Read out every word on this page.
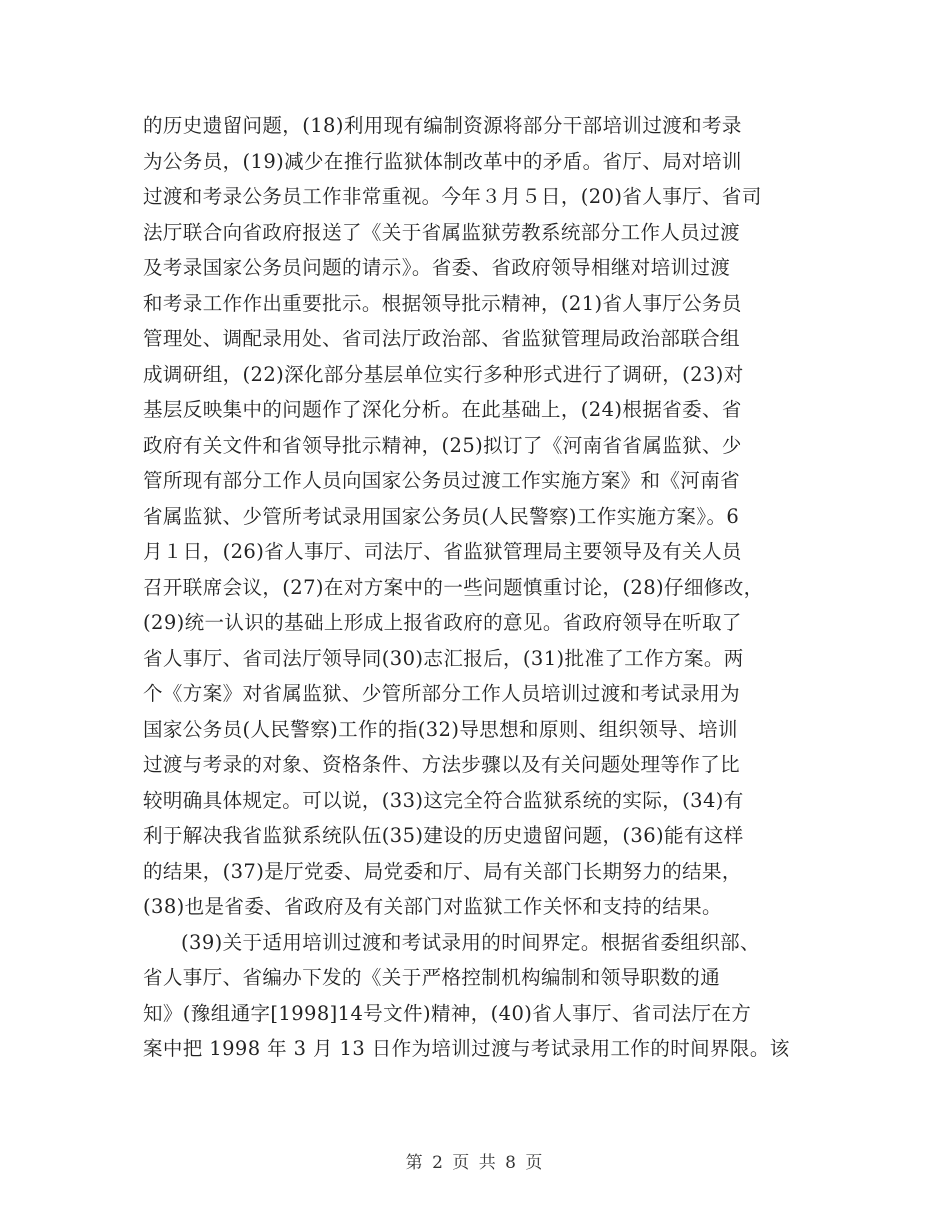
的历史遗留问题，(18)利用现有编制资源将部分干部培训过渡和考录
为公务员，(19)减少在推行监狱体制改革中的矛盾。省厅、局对培训
过渡和考录公务员工作非常重视。今年３月５日，(20)省人事厅、省司
法厅联合向省政府报送了《关于省属监狱劳教系统部分工作人员过渡
及考录国家公务员问题的请示》。省委、省政府领导相继对培训过渡
和考录工作作出重要批示。根据领导批示精神，(21)省人事厅公务员
管理处、调配录用处、省司法厅政治部、省监狱管理局政治部联合组
成调研组，(22)深化部分基层单位实行多种形式进行了调研，(23)对
基层反映集中的问题作了深化分析。在此基础上，(24)根据省委、省
政府有关文件和省领导批示精神，(25)拟订了《河南省省属监狱、少
管所现有部分工作人员向国家公务员过渡工作实施方案》和《河南省
省属监狱、少管所考试录用国家公务员(人民警察)工作实施方案》。6
月１日，(26)省人事厅、司法厅、省监狱管理局主要领导及有关人员
召开联席会议，(27)在对方案中的一些问题慎重讨论，(28)仔细修改，
(29)统一认识的基础上形成上报省政府的意见。省政府领导在听取了
省人事厅、省司法厅领导同(30)志汇报后，(31)批准了工作方案。两
个《方案》对省属监狱、少管所部分工作人员培训过渡和考试录用为
国家公务员(人民警察)工作的指(32)导思想和原则、组织领导、培训
过渡与考录的对象、资格条件、方法步骤以及有关问题处理等作了比
较明确具体规定。可以说，(33)这完全符合监狱系统的实际，(34)有
利于解决我省监狱系统队伍(35)建设的历史遗留问题，(36)能有这样
的结果，(37)是厅党委、局党委和厅、局有关部门长期努力的结果，
(38)也是省委、省政府及有关部门对监狱工作关怀和支持的结果。
(39)关于适用培训过渡和考试录用的时间界定。根据省委组织部、
省人事厅、省编办下发的《关于严格控制机构编制和领导职数的通
知》(豫组通字[1998]14号文件)精神，(40)省人事厅、省司法厅在方
案中把 1998 年 3 月 13 日作为培训过渡与考试录用工作的时间界限。该
第 2 页 共 8 页
